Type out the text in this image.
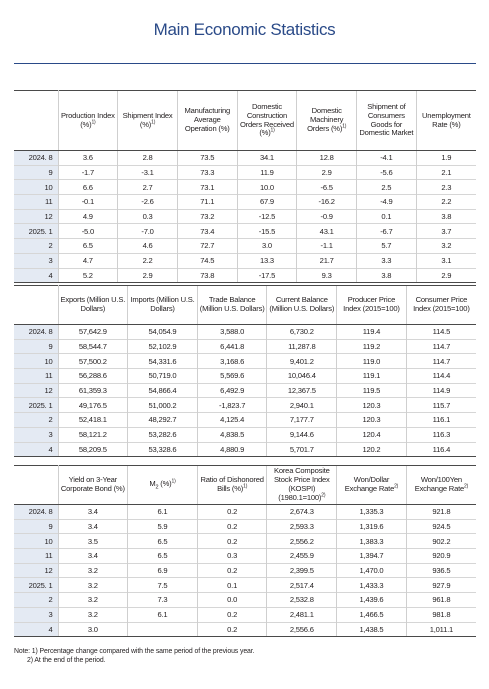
Main Economic Statistics
	Production Index (%)$^{1)}$	Shipment Index (%)$^{1)}$	Manufacturing Average Operation (%)	Domestic Construction Orders Received (%)$^{1)}$	Domestic Machinery Orders (%)$^{1)}$	Shipment of Consumers Goods for Domestic Market	Unemployment Rate (%)
2024. 8	3.6	2.8	73.5	34.1	12.8	-4.1	1.9
9	-1.7	-3.1	73.3	11.9	2.9	-5.6	2.1
10	6.6	2.7	73.1	10.0	-6.5	2.5	2.3
11	-0.1	-2.6	71.1	67.9	-16.2	-4.9	2.2
12	4.9	0.3	73.2	-12.5	-0.9	0.1	3.8
2025. 1	-5.0	-7.0	73.4	-15.5	43.1	-6.7	3.7
2	6.5	4.6	72.7	3.0	-1.1	5.7	3.2
3	4.7	2.2	74.5	13.3	21.7	3.3	3.1
4	5.2	2.9	73.8	-17.5	9.3	3.8	2.9
	Exports (Million U.S. Dollars)	Imports (Million U.S. Dollars)	Trade Balance (Million U.S. Dollars)	Current Balance (Million U.S. Dollars)	Producer Price Index (2015=100)	Consumer Price Index (2015=100)
2024. 8	57,642.9	54,054.9	3,588.0	6,730.2	119.4	114.5
9	58,544.7	52,102.9	6,441.8	11,287.8	119.2	114.7
10	57,500.2	54,331.6	3,168.6	9,401.2	119.0	114.7
11	56,288.6	50,719.0	5,569.6	10,046.4	119.1	114.4
12	61,359.3	54,866.4	6,492.9	12,367.5	119.5	114.9
2025. 1	49,176.5	51,000.2	-1,823.7	2,940.1	120.3	115.7
2	52,418.1	48,292.7	4,125.4	7,177.7	120.3	116.1
3	58,121.2	53,282.6	4,838.5	9,144.6	120.4	116.3
4	58,209.5	53,328.6	4,880.9	5,701.7	120.2	116.4
	Yield on 3-Year Corporate Bond (%)	$M_2$ (%)$^{1)}$	Ratio of Dishonored Bills (%)$^{1)}$	Korea Composite Stock Price Index (KOSPI) (1980.1=100)$^{2)}$	Won/Dollar Exchange Rate$^{2)}$	Won/100Yen Exchange Rate$^{2)}$
2024. 8	3.4	6.1	0.2	2,674.3	1,335.3	921.8
9	3.4	5.9	0.2	2,593.3	1,319.6	924.5
10	3.5	6.5	0.2	2,556.2	1,383.3	902.2
11	3.4	6.5	0.3	2,455.9	1,394.7	920.9
12	3.2	6.9	0.2	2,399.5	1,470.0	936.5
2025. 1	3.2	7.5	0.1	2,517.4	1,433.3	927.9
2	3.2	7.3	0.0	2,532.8	1,439.6	961.8
3	3.2	6.1	0.2	2,481.1	1,466.5	981.8
4	3.0		0.2	2,556.6	1,438.5	1,011.1
Note: 1) Percentage change compared with the same period of the previous year.
2) At the end of the period.
